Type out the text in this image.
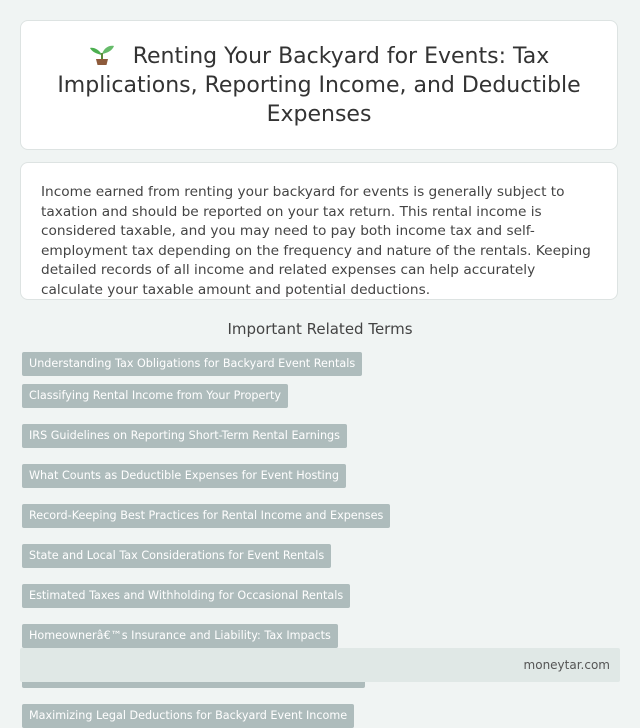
Renting Your Backyard for Events: Tax Implications, Reporting Income, and Deductible Expenses

Income earned from renting your backyard for events is generally subject to taxation and should be reported on your tax return. This rental income is considered taxable, and you may need to pay both income tax and self-employment tax depending on the frequency and nature of the rentals. Keeping detailed records of all income and related expenses can help accurately calculate your taxable amount and potential deductions.

Important Related Terms
Understanding Tax Obligations for Backyard Event Rentals
Classifying Rental Income from Your Property
IRS Guidelines on Reporting Short-Term Rental Earnings
What Counts as Deductible Expenses for Event Hosting
Record-Keeping Best Practices for Rental Income and Expenses
State and Local Tax Considerations for Event Rentals
Estimated Taxes and Withholding for Occasional Rentals
Homeownerâ€™s Insurance and Liability: Tax Impacts
Maximizing Legal Deductions for Backyard Event Income
moneytar.com
